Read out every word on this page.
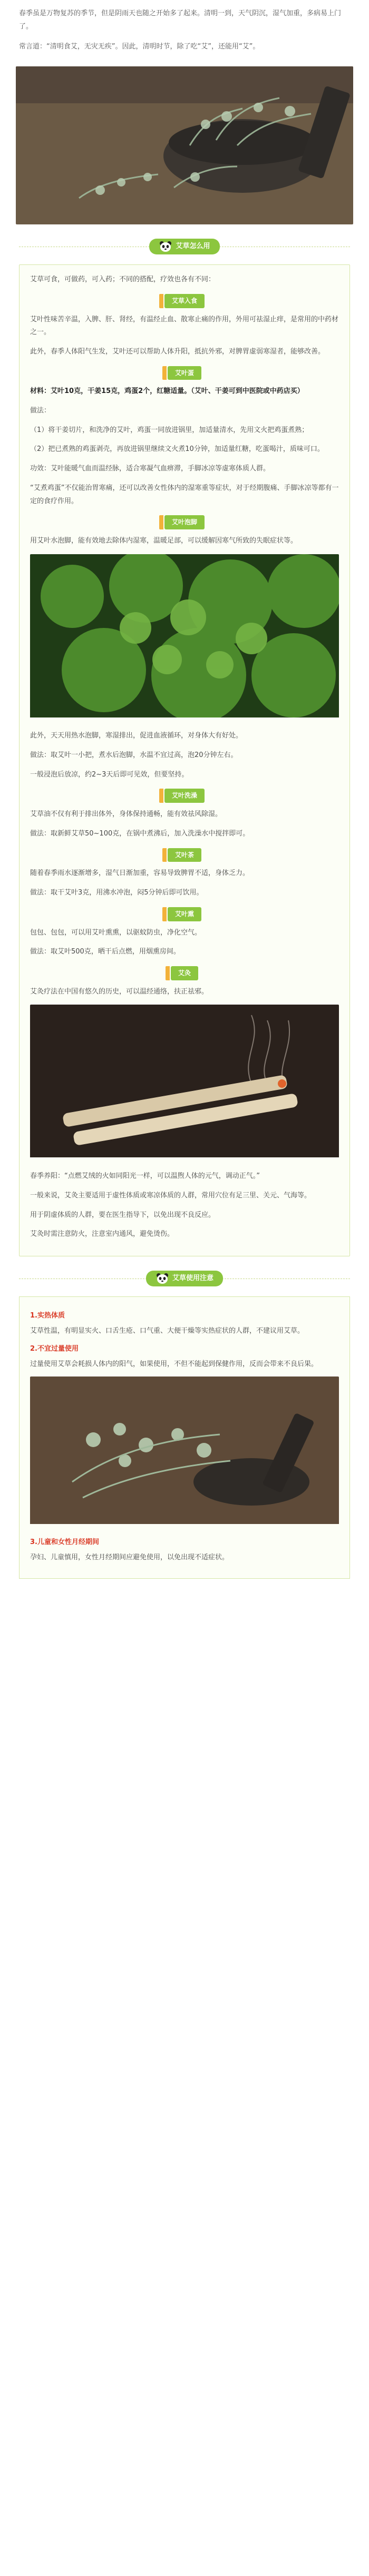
春季虽是万物复苏的季节，但是阴雨天也随之开始多了起来。清明一到，天气阴沉，湿气加重，多病易上门了。

常言道：“清明食艾，无灾无疾”。因此，清明时节，除了吃“艾”，还能用“艾”。

艾草怎么用

艾草可食，可做药，可入药；不同的搭配，疗效也各有不同：

艾草入食

艾叶性味苦辛温，入脾、肝、肾经，有温经止血、散寒止痛的作用，外用可祛湿止痒，是常用的中药材之一。

此外，春季人体阳气生发，艾叶还可以帮助人体升阳，抵抗外邪，对脾胃虚弱寒湿者，能够改善。

艾叶蛋

材料：艾叶10克，干姜15克，鸡蛋2个，红糖适量。（艾叶、干姜可到中医院或中药店买）

做法：

（1）将干姜切片，和洗净的艾叶，鸡蛋一同放进锅里，加适量清水，先用文火把鸡蛋煮熟；

（2）把已煮熟的鸡蛋剥壳，再放进锅里继续文火煮10分钟，加适量红糖，吃蛋喝汁，质味可口。

功效：艾叶能暖气血而温经脉，适合寒凝气血痹滞，手脚冰凉等虚寒体质人群。

“艾煮鸡蛋”不仅能治胃寒痛，还可以改善女性体内的湿寒重等症状，对于经期腹痛、手脚冰凉等都有一定的食疗作用。

艾叶泡脚

用艾叶水泡脚，能有效地去除体内湿寒，温暖足部，可以缓解因寒气所致的失眠症状等。

此外，天天用热水泡脚，寒湿排出，促进血液循环，对身体大有好处。

做法：取艾叶一小把，煮水后泡脚，水温不宜过高，泡20分钟左右。

一般浸泡后放凉，约2~3天后即可见效，但要坚持。

艾叶洗澡

艾草油不仅有利于排出体外，身体保持通畅，能有效祛风除湿。

做法：取新鲜艾草50~100克，在锅中煮沸后，加入洗澡水中搅拌即可。

艾叶茶

随着春季雨水逐渐增多，湿气日渐加重，容易导致脾胃不适，身体乏力。

做法：取干艾叶3克，用沸水冲泡，闷5分钟后即可饮用。

艾叶熏

包包、包包，可以用艾叶熏熏，以驱蚊防虫，净化空气。

做法：取艾叶500克，晒干后点燃，用烟熏房间。

艾灸

艾灸疗法在中国有悠久的历史，可以温经通络，扶正祛邪。

春季养阳：“点燃艾绒的火如同阳光一样，可以温煦人体的元气，调动正气。”

一般来说，艾灸主要适用于虚性体质或寒凉体质的人群，常用穴位有足三里、关元、气海等。

用于阴虚体质的人群，要在医生指导下，以免出现不良反应。

艾灸时需注意防火，注意室内通风，避免烫伤。

艾草使用注意
1.实热体质

艾草性温，有明显实火、口舌生疮、口气重、大便干燥等实热症状的人群，不建议用艾草。

2.不宜过量使用

过量使用艾草会耗损人体内的阳气，如果使用，不但不能起到保健作用，反而会带来不良后果。

3.儿童和女性月经期间

孕妇、儿童慎用，女性月经期间应避免使用，以免出现不适症状。
